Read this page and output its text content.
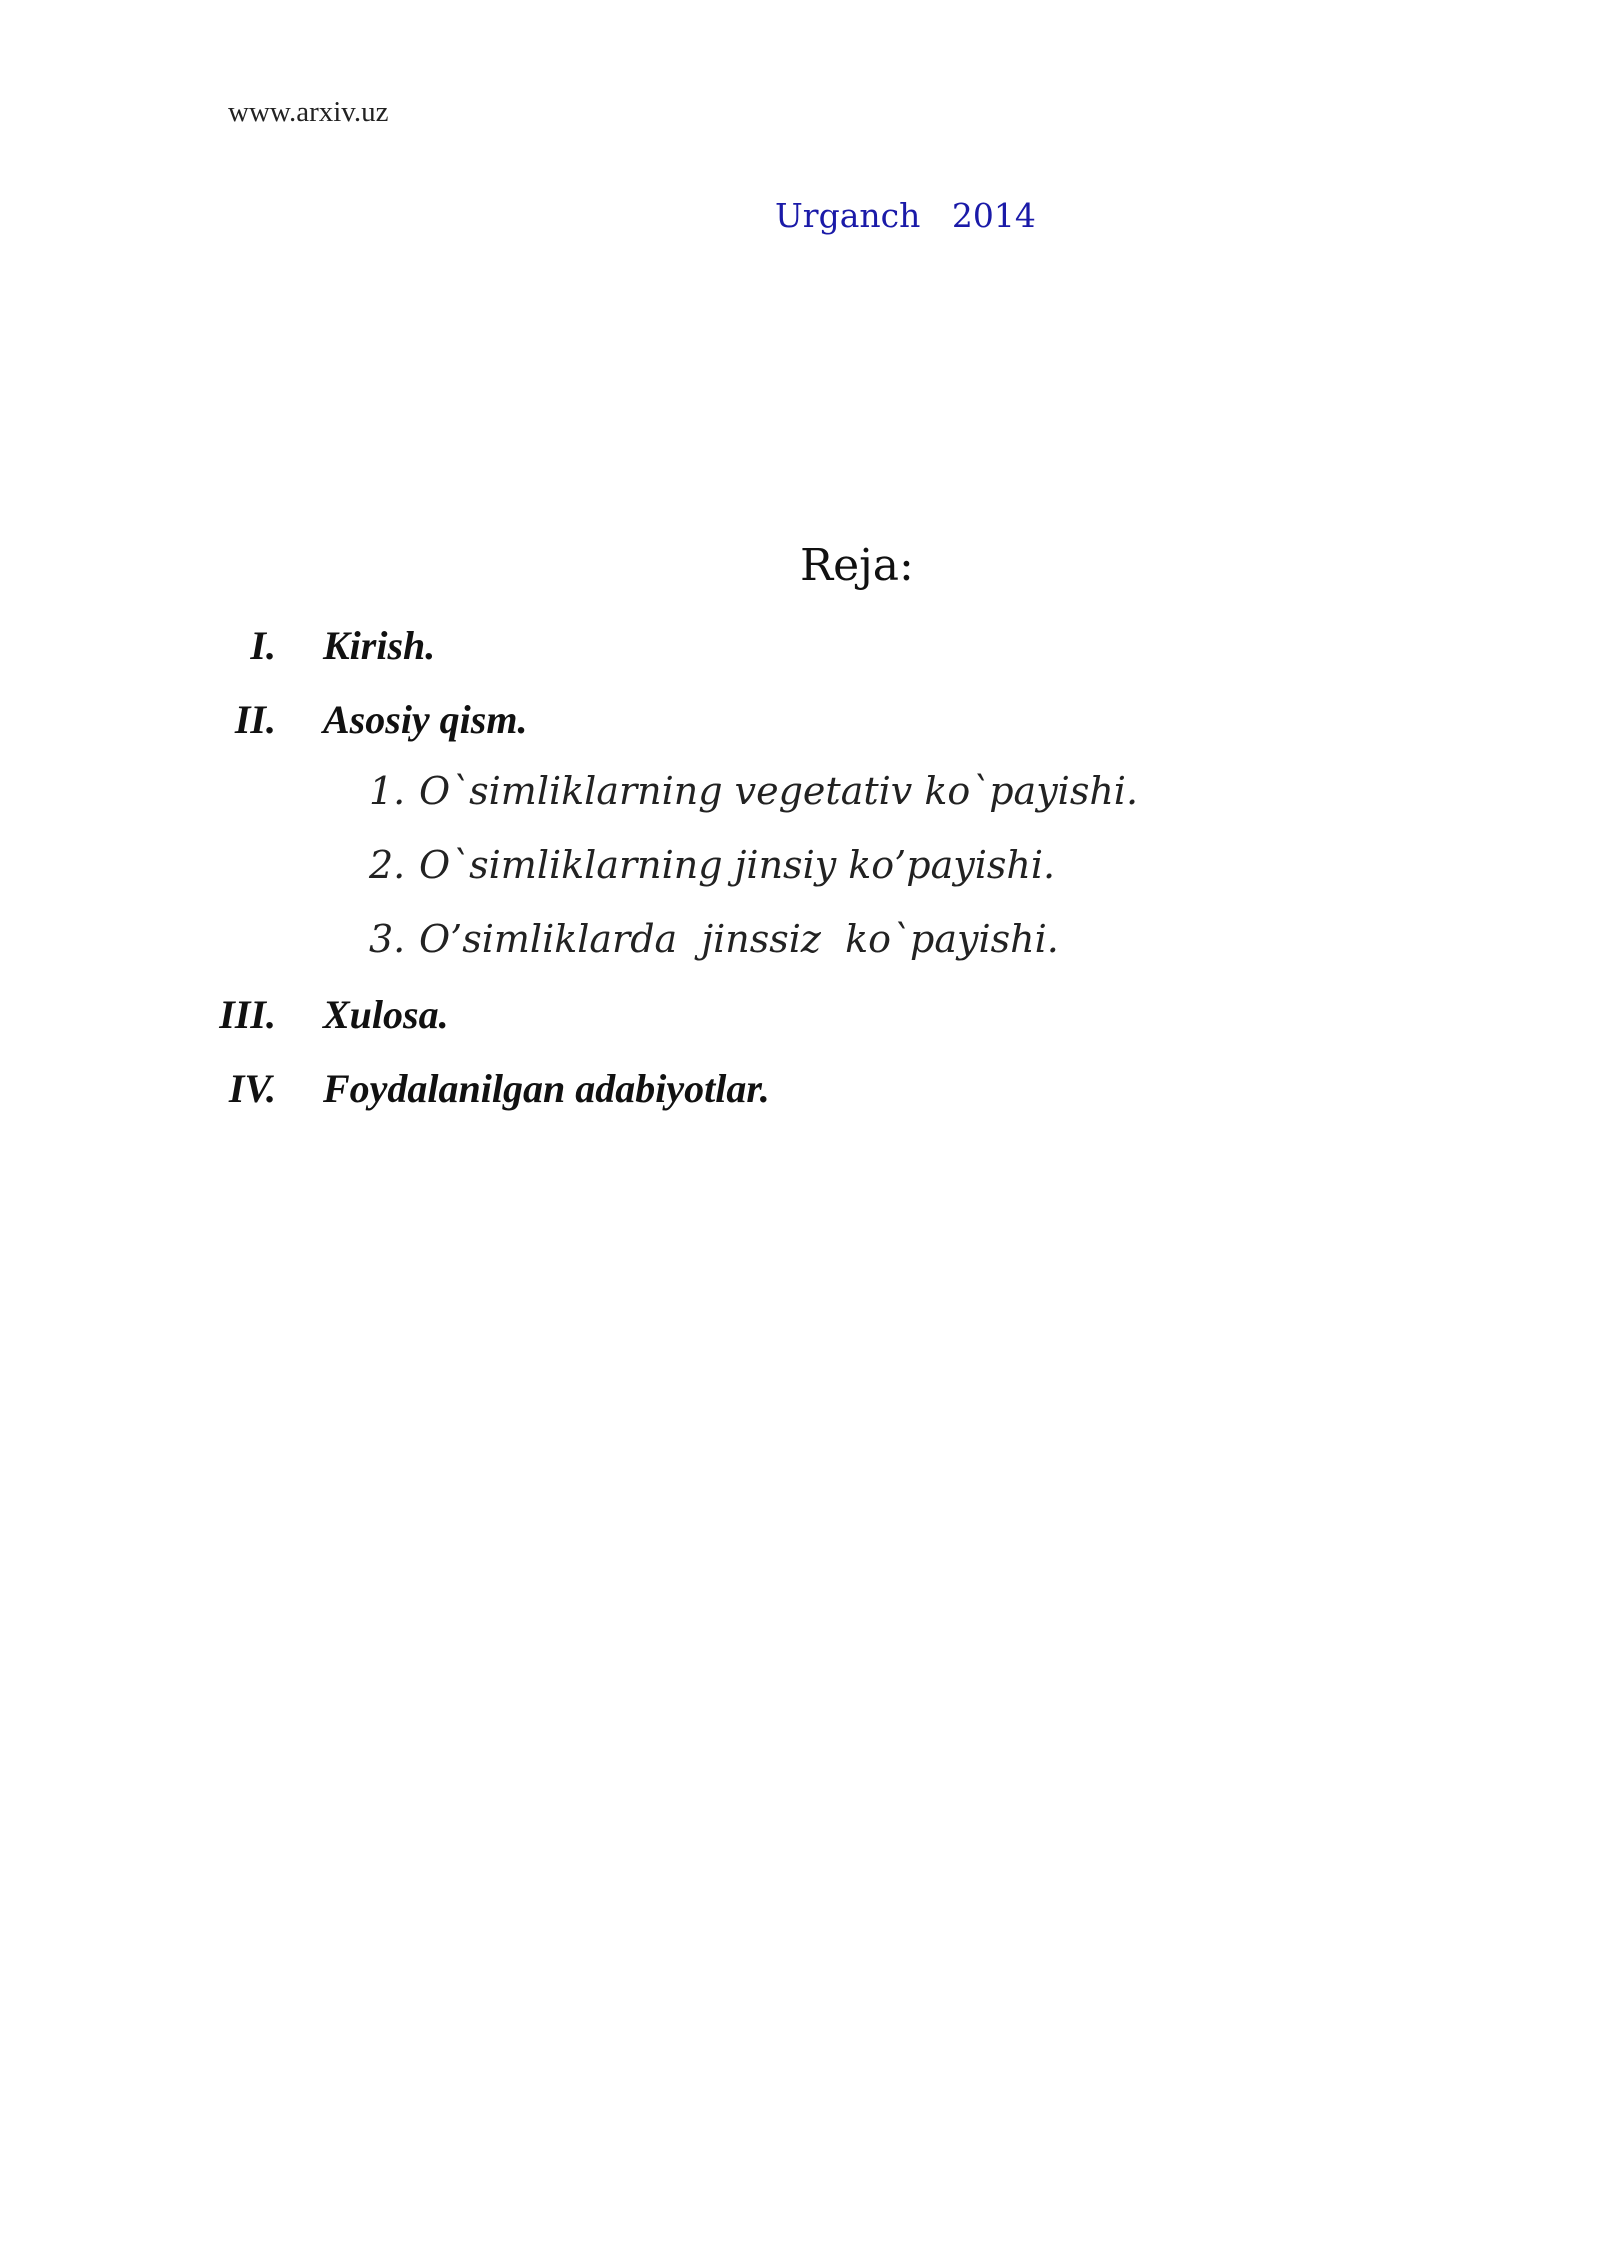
www.arxiv.uz
Urganch   2014
Reja:
I. Kirish.
II. Asosiy qism.
1. O`simliklarning vegetativ ko`payishi.
2. O`simliklarning jinsiy ko’payishi.
3. O’simliklarda  jinssiz  ko`payishi.
III. Xulosa.
IV. Foydalanilgan adabiyotlar.
